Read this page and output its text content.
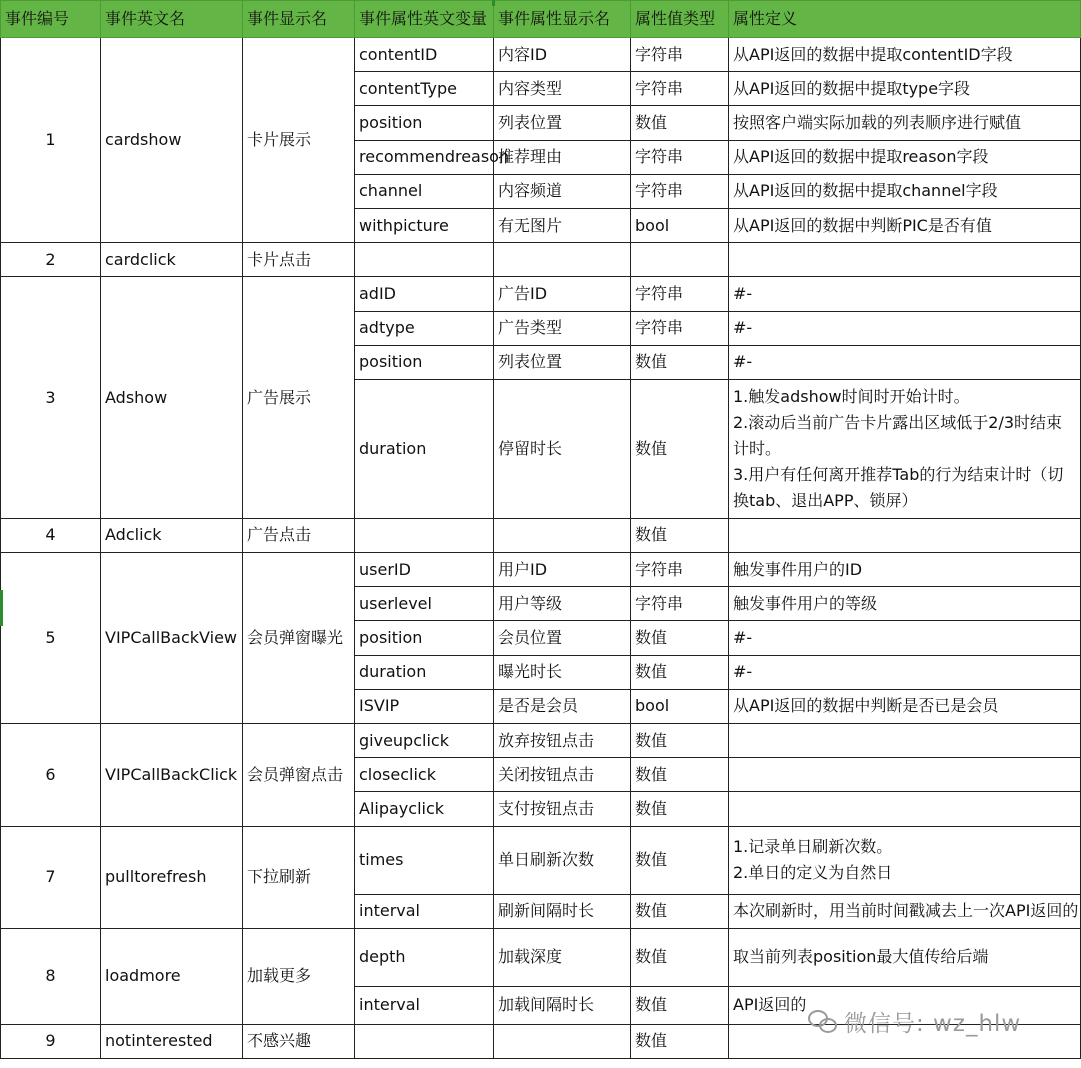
事件编号	事件英文名	事件显示名	事件属性英文变量	事件属性显示名	属性值类型	属性定义
1	cardshow	卡片展示	contentID	内容ID	字符串	从API返回的数据中提取contentID字段
			contentType	内容类型	字符串	从API返回的数据中提取type字段
			position	列表位置	数值	按照客户端实际加载的列表顺序进行赋值
			recommendreason	推荐理由	字符串	从API返回的数据中提取reason字段
			channel	内容频道	字符串	从API返回的数据中提取channel字段
			withpicture	有无图片	bool	从API返回的数据中判断PIC是否有值
2	cardclick	卡片点击				
3	Adshow	广告展示	adID	广告ID	字符串	#-
			adtype	广告类型	字符串	#-
			position	列表位置	数值	#-
			duration	停留时长	数值	1.触发adshow时间时开始计时。
2.滚动后当前广告卡片露出区域低于2/3时结束计时。
3.用户有任何离开推荐Tab的行为结束计时（切换tab、退出APP、锁屏）
4	Adclick	广告点击			数值	
5	VIPCallBackView	会员弹窗曝光	userID	用户ID	字符串	触发事件用户的ID
			userlevel	用户等级	字符串	触发事件用户的等级
			position	会员位置	数值	#-
			duration	曝光时长	数值	#-
			ISVIP	是否是会员	bool	从API返回的数据中判断是否已是会员
6	VIPCallBackClick	会员弹窗点击	giveupclick	放弃按钮点击	数值	
			closeclick	关闭按钮点击	数值	
			Alipayclick	支付按钮点击	数值	
7	pulltorefresh	下拉刷新	times	单日刷新次数	数值	1.记录单日刷新次数。
2.单日的定义为自然日
			interval	刷新间隔时长	数值	本次刷新时，用当前时间戳减去上一次API返回的
8	loadmore	加载更多	depth	加载深度	数值	取当前列表position最大值传给后端
			interval	加载间隔时长	数值	API返回的
9	notinterested	不感兴趣			数值	
微信号: wz_hlw
